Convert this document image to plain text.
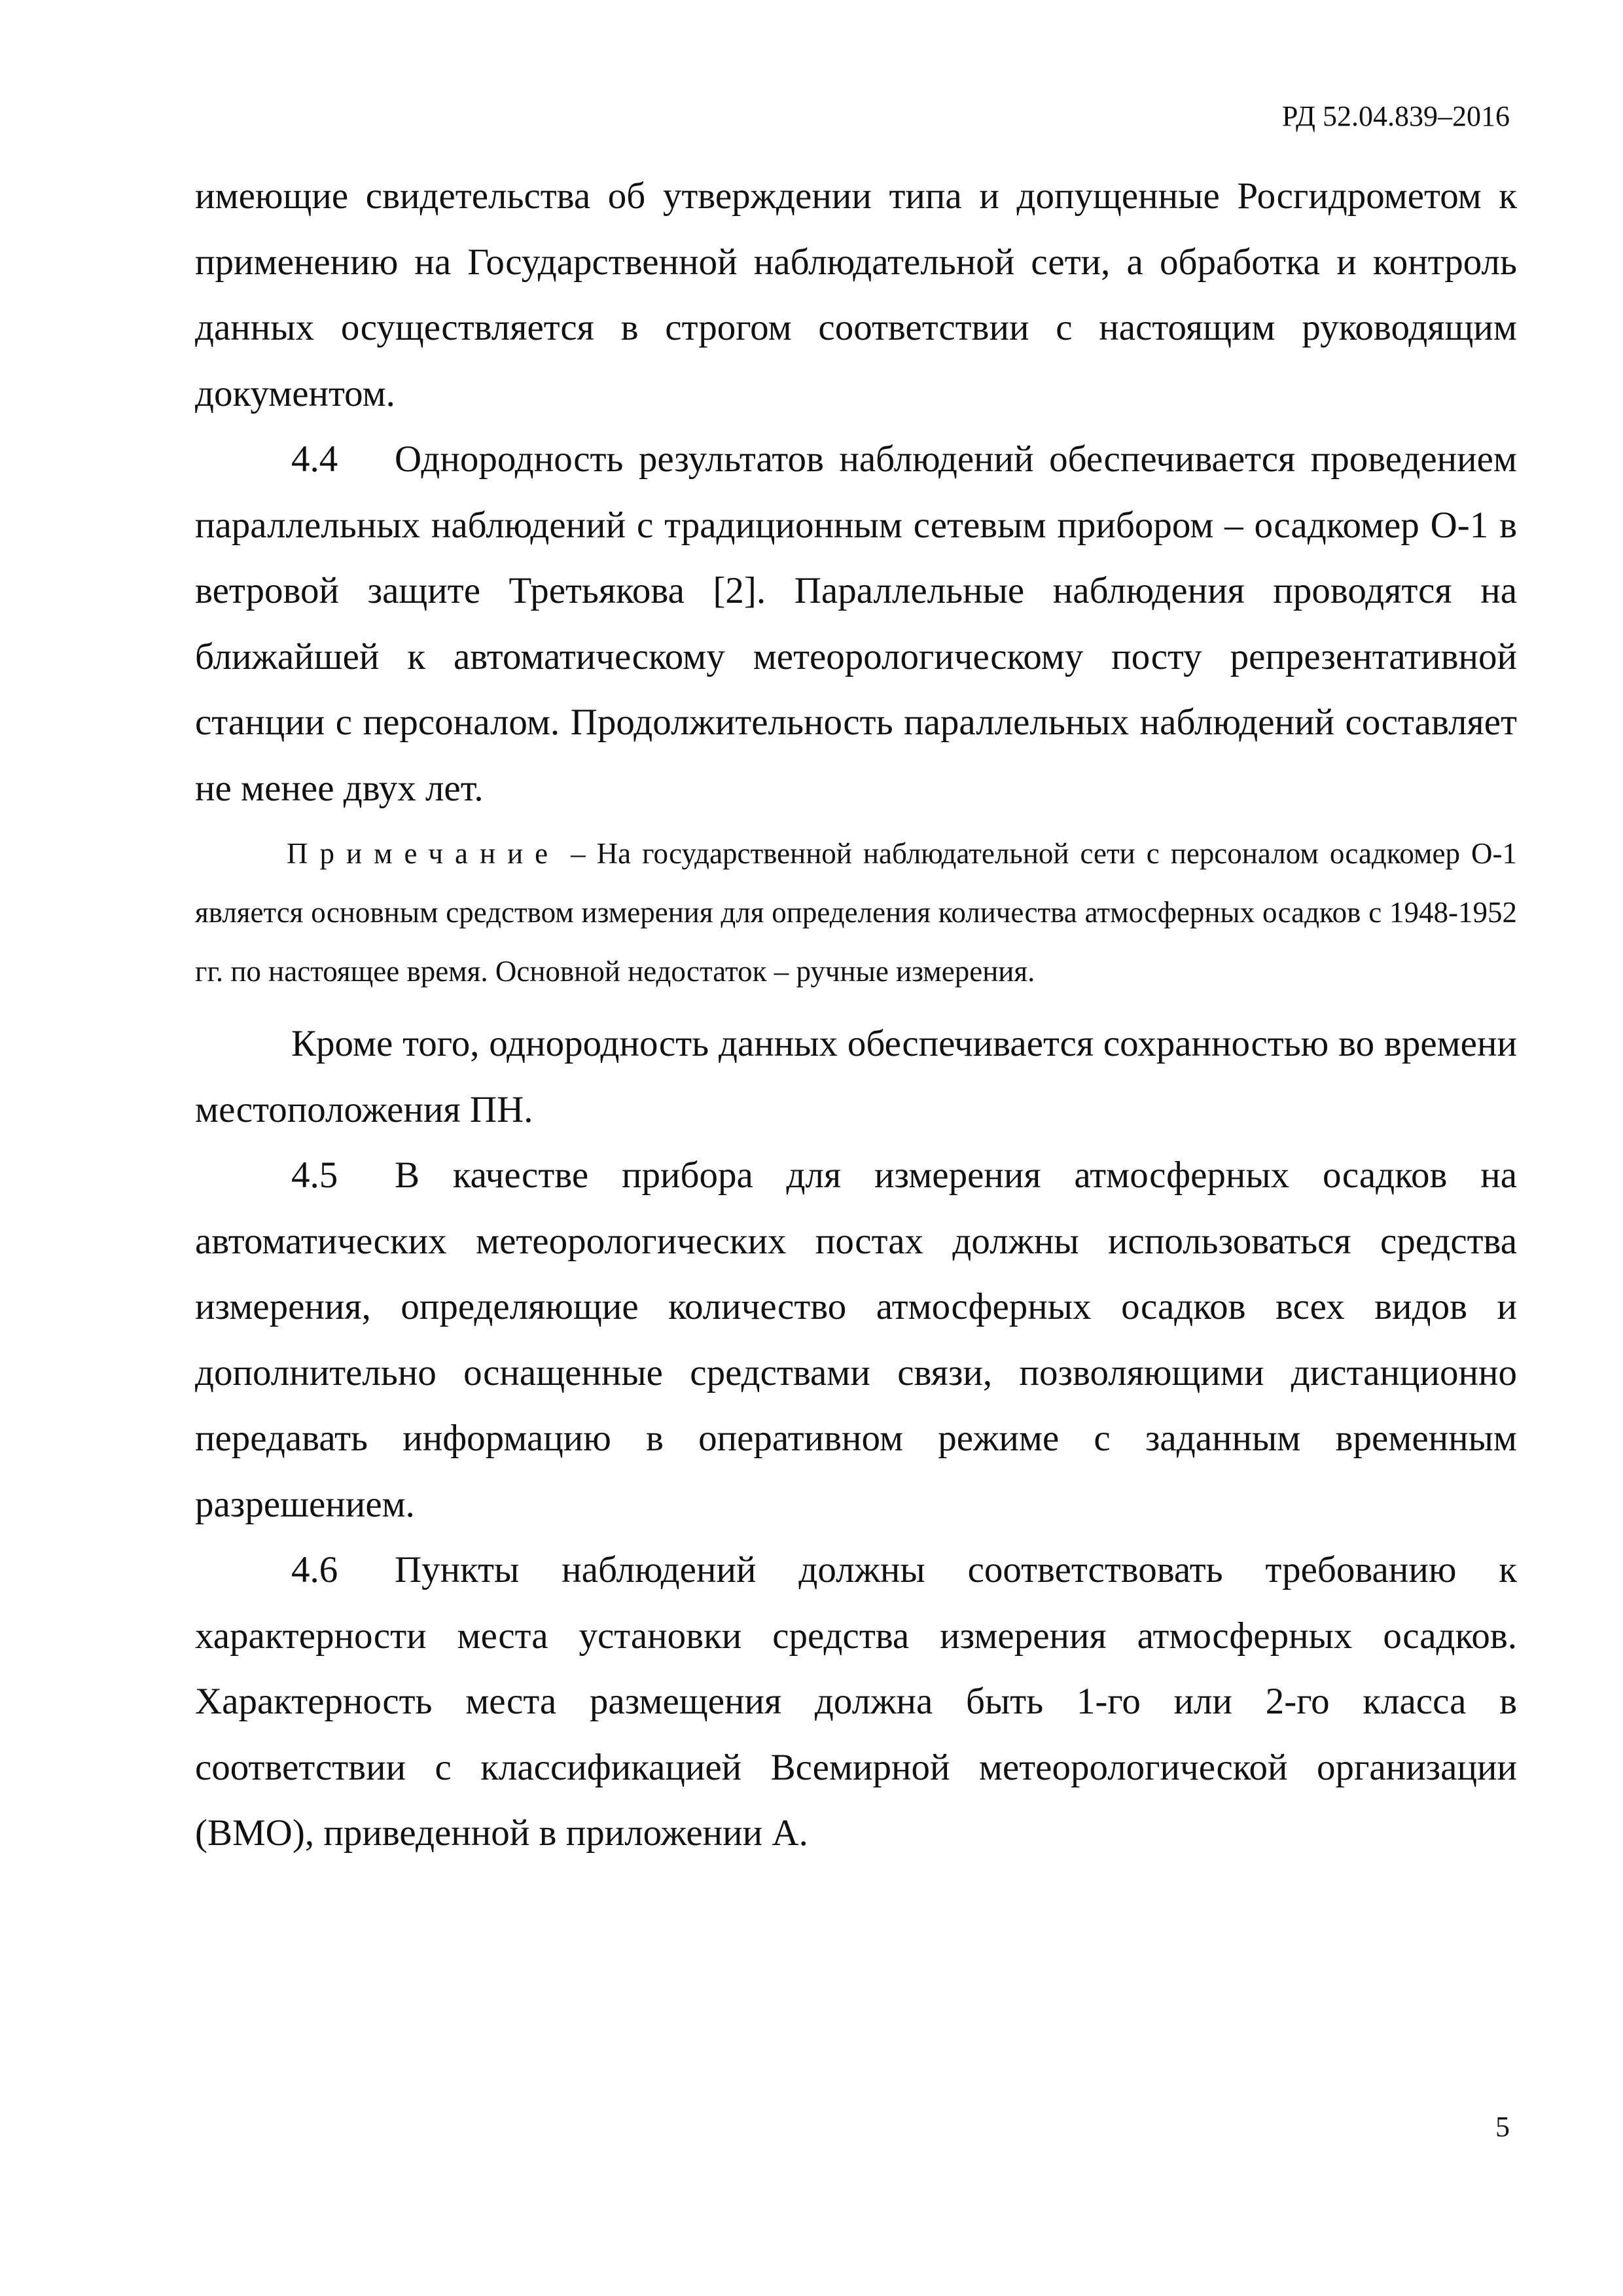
РД 52.04.839–2016

имеющие свидетельства об утверждении типа и допущенные Росгидрометом к применению на Государственной наблюдательной сети, а обработка и контроль данных осуществляется в строгом соответствии с настоящим руководящим документом.

4.4 Однородность результатов наблюдений обеспечивается проведением параллельных наблюдений с традиционным сетевым прибором – осадкомер О-1 в ветровой защите Третьякова [2]. Параллельные наблюдения проводятся на ближайшей к автоматическому метеорологическому посту репрезентативной станции с персоналом. Продолжительность параллельных наблюдений составляет не менее двух лет.

Примечание – На государственной наблюдательной сети с персоналом осадкомер О-1 является основным средством измерения для определения количества атмосферных осадков с 1948-1952 гг. по настоящее время. Основной недостаток – ручные измерения.

Кроме того, однородность данных обеспечивается сохранностью во времени местоположения ПН.

4.5 В качестве прибора для измерения атмосферных осадков на автоматических метеорологических постах должны использоваться средства измерения, определяющие количество атмосферных осадков всех видов и дополнительно оснащенные средствами связи, позволяющими дистанционно передавать информацию в оперативном режиме с заданным временным разрешением.

4.6 Пункты наблюдений должны соответствовать требованию к характерности места установки средства измерения атмосферных осадков. Характерность места размещения должна быть 1-го или 2-го класса в соответствии с классификацией Всемирной метеорологической организации (ВМО), приведенной в приложении А.

5
